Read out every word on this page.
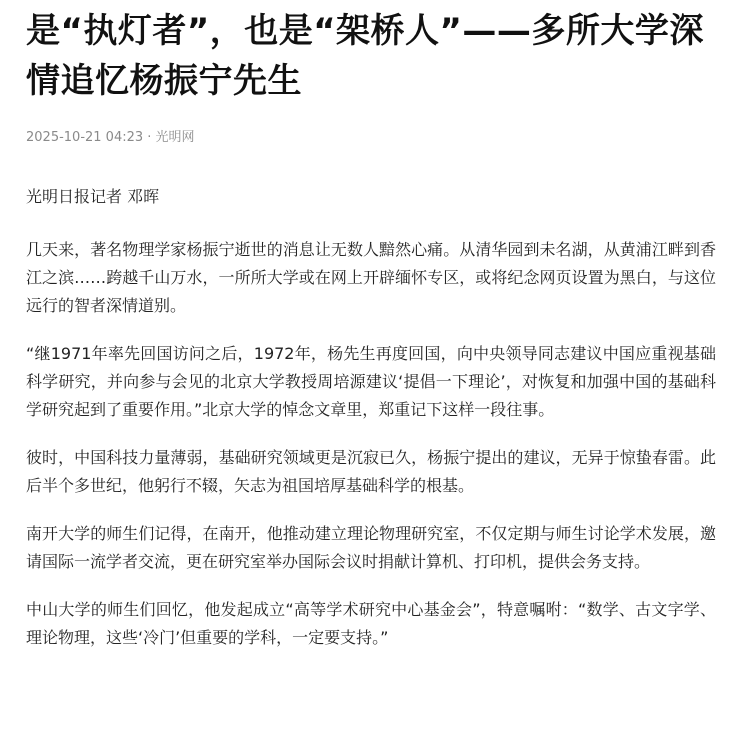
是“执灯者”，也是“架桥人”——多所大学深情追忆杨振宁先生
2025-10-21 04:23 · 光明网
光明日报记者 邓晖

几天来，著名物理学家杨振宁逝世的消息让无数人黯然心痛。从清华园到未名湖，从黄浦江畔到香江之滨……跨越千山万水，一所所大学或在网上开辟缅怀专区，或将纪念网页设置为黑白，与这位远行的智者深情道别。

“继1971年率先回国访问之后，1972年，杨先生再度回国，向中央领导同志建议中国应重视基础科学研究，并向参与会见的北京大学教授周培源建议‘提倡一下理论’，对恢复和加强中国的基础科学研究起到了重要作用。”北京大学的悼念文章里，郑重记下这样一段往事。

彼时，中国科技力量薄弱，基础研究领域更是沉寂已久，杨振宁提出的建议，无异于惊蛰春雷。此后半个多世纪，他躬行不辍，矢志为祖国培厚基础科学的根基。

南开大学的师生们记得，在南开，他推动建立理论物理研究室，不仅定期与师生讨论学术发展，邀请国际一流学者交流，更在研究室举办国际会议时捐献计算机、打印机，提供会务支持。

中山大学的师生们回忆，他发起成立“高等学术研究中心基金会”，特意嘱咐：“数学、古文字学、理论物理，这些‘冷门’但重要的学科，一定要支持。”
